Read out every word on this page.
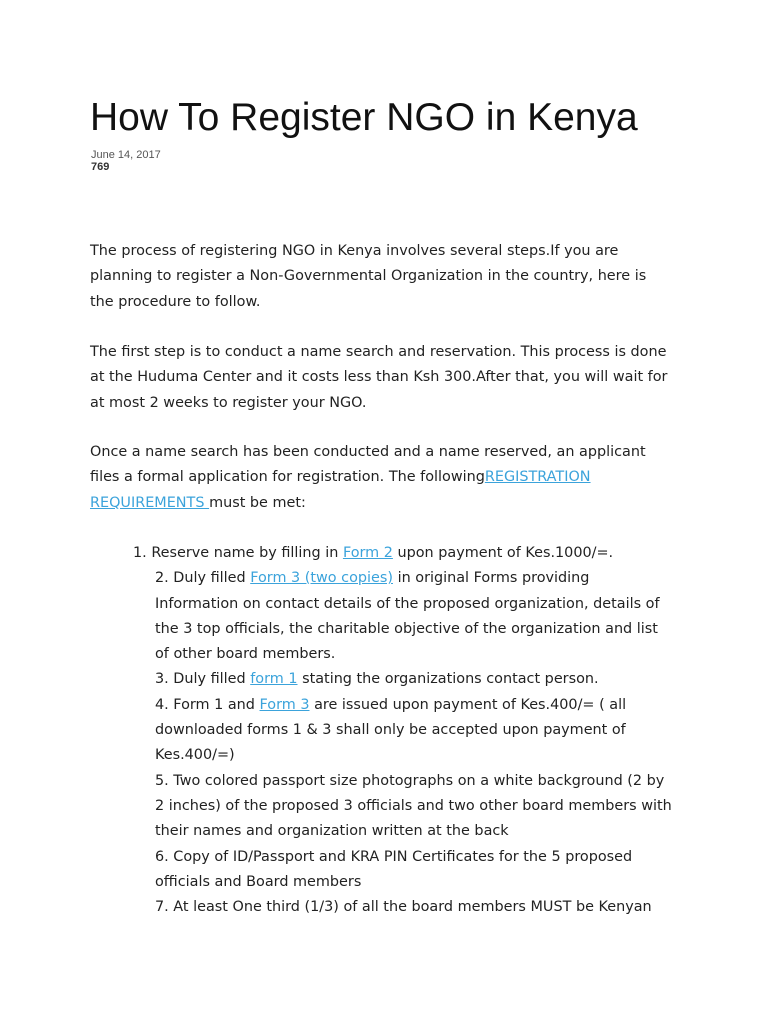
How To Register NGO in Kenya
June 14, 2017
769
The process of registering NGO in Kenya involves several steps.If you are
planning to register a Non-Governmental Organization in the country, here is
the procedure to follow.
The first step is to conduct a name search and reservation. This process is done
at the Huduma Center and it costs less than Ksh 300.After that, you will wait for
at most 2 weeks to register your NGO.
Once a name search has been conducted and a name reserved, an applicant
files a formal application for registration. The followingREGISTRATION
REQUIREMENTS must be met:
1. Reserve name by filling in Form 2 upon payment of Kes.1000/=.
2. Duly filled Form 3 (two copies) in original Forms providing
Information on contact details of the proposed organization, details of
the 3 top officials, the charitable objective of the organization and list
of other board members.
3. Duly filled form 1 stating the organizations contact person.
4. Form 1 and Form 3 are issued upon payment of Kes.400/= ( all
downloaded forms 1 & 3 shall only be accepted upon payment of
Kes.400/=)
5. Two colored passport size photographs on a white background (2 by
2 inches) of the proposed 3 officials and two other board members with
their names and organization written at the back
6. Copy of ID/Passport and KRA PIN Certificates for the 5 proposed
officials and Board members
7. At least One third (1/3) of all the board members MUST be Kenyan
